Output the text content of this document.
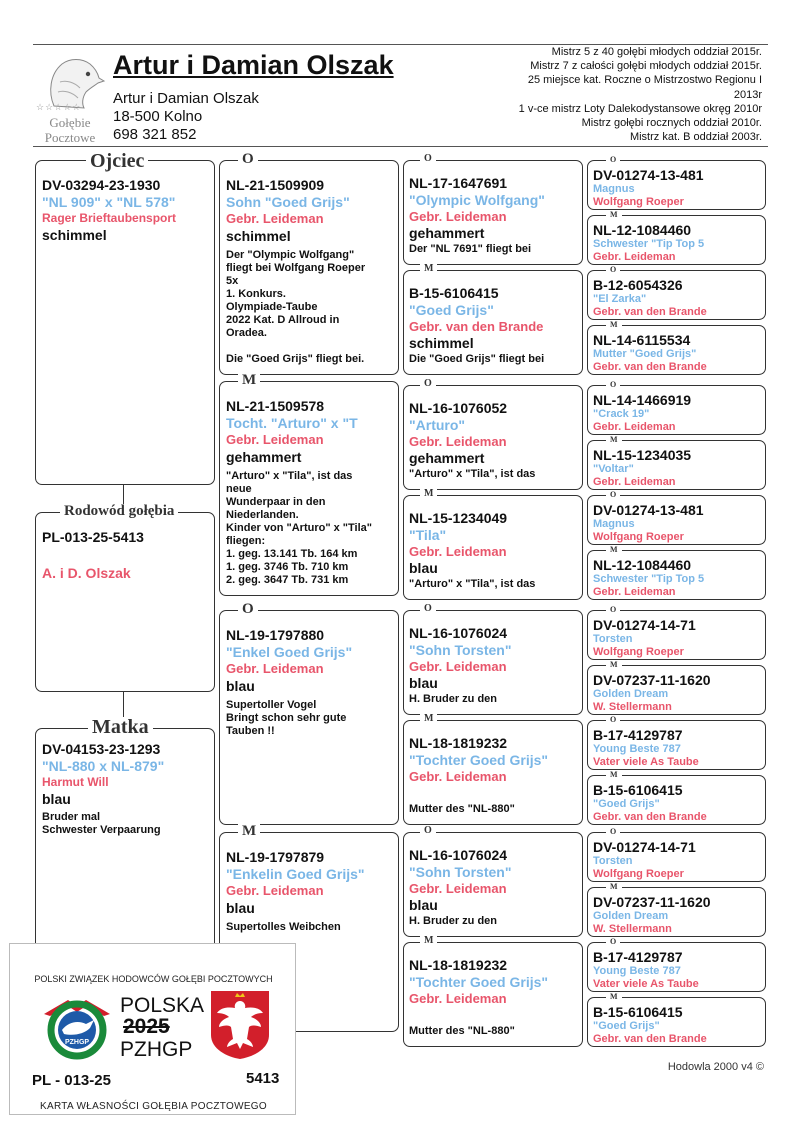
☆☆☆☆☆
Gołębie Pocztowe
Artur i Damian Olszak
Artur i Damian Olszak
18-500 Kolno
698 321 852
Mistrz 5 z 40 gołębi młodych oddział 2015r.
Mistrz 7 z całości gołębi młodych oddział 2015r.
25 miejsce kat. Roczne o Mistrzostwo Regionu I
2013r
1 v-ce mistrz Loty Dalekodystansowe okręg 2010r
Mistrz gołębi rocznych oddział 2010r.
Mistrz kat. B oddział 2003r.
DV-03294-23-1930
"NL 909" x "NL 578"
Rager Brieftaubensport
schimmel
Ojciec
PL-013-25-5413
A. i D. Olszak
Rodowód gołębia
DV-04153-23-1293
"NL-880 x NL-879"
Harmut Will
blau
Bruder mal
Schwester Verpaarung
Matka
NL-21-1509909
Sohn "Goed Grijs"
Gebr. Leideman
schimmel
Der "Olympic Wolfgang"
fliegt bei Wolfgang Roeper
5x
1. Konkurs.
Olympiade-Taube
2022 Kat. D Allroud in
Oradea.
Die "Goed Grijs" fliegt bei.
O
NL-21-1509578
Tocht. "Arturo" x "T
Gebr. Leideman
gehammert
"Arturo" x "Tila", ist das
neue
Wunderpaar in den
Niederlanden.
Kinder von "Arturo" x "Tila"
fliegen:
1. geg. 13.141 Tb. 164 km
1. geg. 3746 Tb. 710 km
2. geg. 3647 Tb. 731 km
M
NL-19-1797880
"Enkel Goed Grijs"
Gebr. Leideman
blau
Supertoller Vogel
Bringt schon sehr gute
Tauben !!
O
NL-19-1797879
"Enkelin Goed Grijs"
Gebr. Leideman
blau
Supertolles Weibchen
M
NL-17-1647691
"Olympic Wolfgang"
Gebr. Leideman
gehammert
Der "NL 7691" fliegt bei
O
B-15-6106415
"Goed Grijs"
Gebr. van den Brande
schimmel
Die "Goed Grijs" fliegt bei
M
NL-16-1076052
"Arturo"
Gebr. Leideman
gehammert
"Arturo" x "Tila", ist das
O
NL-15-1234049
"Tila"
Gebr. Leideman
blau
"Arturo" x "Tila", ist das
M
NL-16-1076024
"Sohn Torsten"
Gebr. Leideman
blau
H. Bruder zu den
O
NL-18-1819232
"Tochter Goed Grijs"
Gebr. Leideman
Mutter des "NL-880"
M
NL-16-1076024
"Sohn Torsten"
Gebr. Leideman
blau
H. Bruder zu den
O
NL-18-1819232
"Tochter Goed Grijs"
Gebr. Leideman
Mutter des "NL-880"
M
DV-01274-13-481
Magnus
Wolfgang Roeper
O
NL-12-1084460
Schwester "Tip Top 5
Gebr. Leideman
M
B-12-6054326
"El Zarka"
Gebr. van den Brande
O
NL-14-6115534
Mutter "Goed Grijs"
Gebr. van den Brande
M
NL-14-1466919
"Crack 19"
Gebr. Leideman
O
NL-15-1234035
"Voltar"
Gebr. Leideman
M
DV-01274-13-481
Magnus
Wolfgang Roeper
O
NL-12-1084460
Schwester "Tip Top 5
Gebr. Leideman
M
DV-01274-14-71
Torsten
Wolfgang Roeper
O
DV-07237-11-1620
Golden Dream
W. Stellermann
M
B-17-4129787
Young Beste 787
Vater viele As Taube
O
B-15-6106415
"Goed Grijs"
Gebr. van den Brande
M
DV-01274-14-71
Torsten
Wolfgang Roeper
O
DV-07237-11-1620
Golden Dream
W. Stellermann
M
B-17-4129787
Young Beste 787
Vater viele As Taube
O
B-15-6106415
"Goed Grijs"
Gebr. van den Brande
M
POLSKI ZWIĄZEK HODOWCÓW GOŁĘBI POCZTOWYCH
PZHGP
POLSKA
2025
PZHGP
PL - 013-25	5413
KARTA WŁASNOŚCI GOŁĘBIA POCZTOWEGO
Hodowla 2000 v4 ©
